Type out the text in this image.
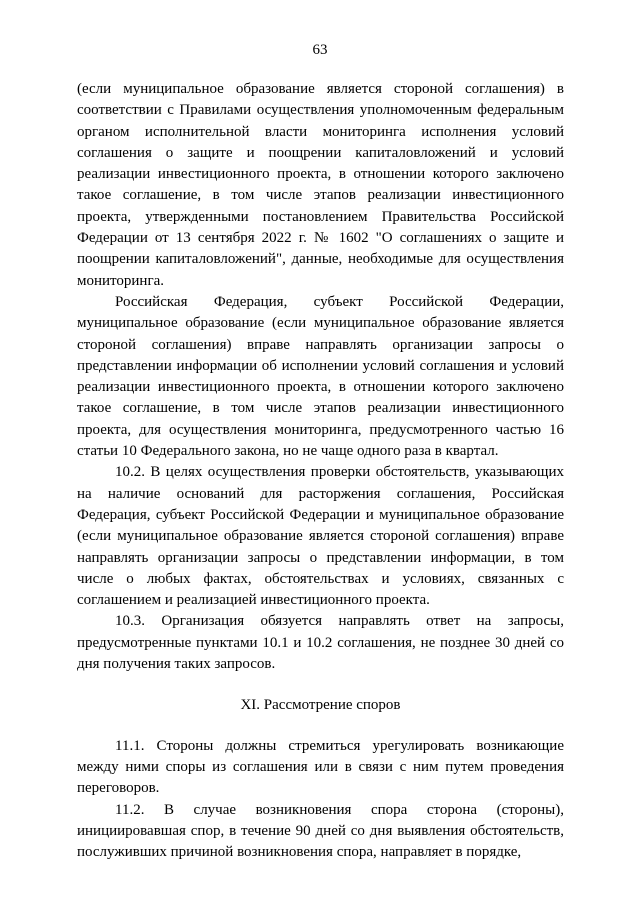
63

(если муниципальное образование является стороной соглашения) в соответствии с Правилами осуществления уполномоченным федеральным органом исполнительной власти мониторинга исполнения условий соглашения о защите и поощрении капиталовложений и условий реализации инвестиционного проекта, в отношении которого заключено такое соглашение, в том числе этапов реализации инвестиционного проекта, утвержденными постановлением Правительства Российской Федерации от 13 сентября 2022 г. № 1602 "О соглашениях о защите и поощрении капиталовложений", данные, необходимые для осуществления мониторинга.

Российская Федерация, субъект Российской Федерации, муниципальное образование (если муниципальное образование является стороной соглашения) вправе направлять организации запросы о представлении информации об исполнении условий соглашения и условий реализации инвестиционного проекта, в отношении которого заключено такое соглашение, в том числе этапов реализации инвестиционного проекта, для осуществления мониторинга, предусмотренного частью 16 статьи 10 Федерального закона, но не чаще одного раза в квартал.

10.2. В целях осуществления проверки обстоятельств, указывающих на наличие оснований для расторжения соглашения, Российская Федерация, субъект Российской Федерации и муниципальное образование (если муниципальное образование является стороной соглашения) вправе направлять организации запросы о представлении информации, в том числе о любых фактах, обстоятельствах и условиях, связанных с соглашением и реализацией инвестиционного проекта.

10.3. Организация обязуется направлять ответ на запросы, предусмотренные пунктами 10.1 и 10.2 соглашения, не позднее 30 дней со дня получения таких запросов.

XI. Рассмотрение споров

11.1. Стороны должны стремиться урегулировать возникающие между ними споры из соглашения или в связи с ним путем проведения переговоров.

11.2. В случае возникновения спора сторона (стороны), инициировавшая спор, в течение 90 дней со дня выявления обстоятельств, послуживших причиной возникновения спора, направляет в порядке,
